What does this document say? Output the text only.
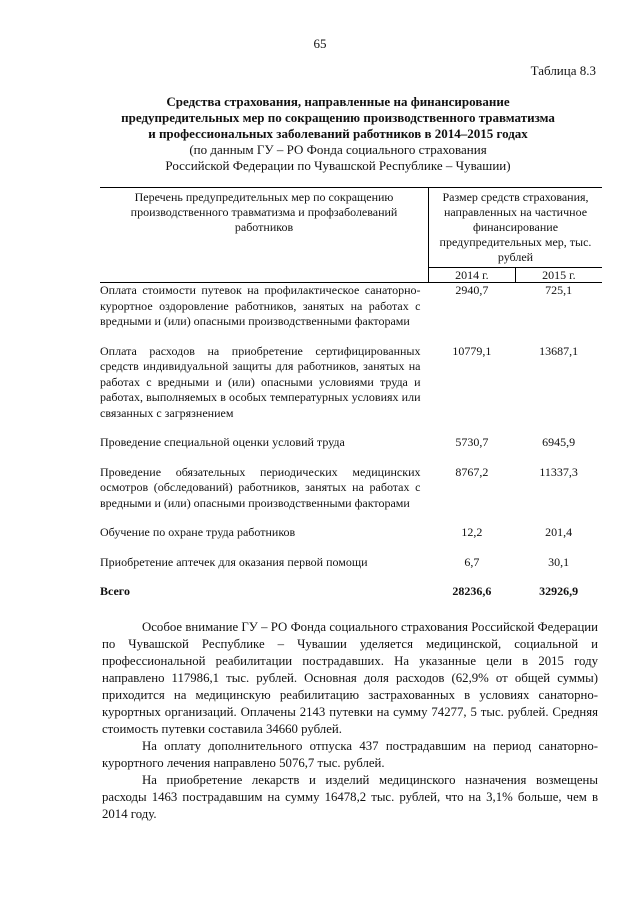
65
Таблица 8.3
Средства страхования, направленные на финансирование
предупредительных мер по сокращению производственного травматизма
и профессиональных заболеваний работников в 2014–2015 годах
(по данным ГУ – РО Фонда социального страхования
Российской Федерации по Чувашской Республике – Чувашии)
Перечень предупредительных мер по сокращению производственного травматизма и профзаболеваний работников	Размер средств страхования, направленных на частичное финансирование предупредительных мер, тыс. рублей	
	2014 г.	2015 г.
Оплата стоимости путевок на профилактическое санаторно-курортное оздоровление работников, занятых на работах с вредными и (или) опасными производственными факторами	2940,7	725,1

Оплата расходов на приобретение сертифицированных средств индивидуальной защиты для работников, занятых на работах с вредными и (или) опасными условиями труда и работах, выполняемых в особых температурных условиях или связанных с загрязнением	10779,1	13687,1

Проведение специальной оценки условий труда	5730,7	6945,9

Проведение обязательных периодических медицинских осмотров (обследований) работников, занятых на работах с вредными и (или) опасными производственными факторами	8767,2	11337,3

Обучение по охране труда работников	12,2	201,4

Приобретение аптечек для оказания первой помощи	6,7	30,1

Всего	28236,6	32926,9

Особое внимание ГУ – РО Фонда социального страхования Российской Федерации по Чувашской Республике – Чувашии уделяется медицинской, социальной и профессиональной реабилитации пострадавших. На указанные цели в 2015 году направлено 117986,1 тыс. рублей. Основная доля расходов (62,9% от общей суммы) приходится на медицинскую реабилитацию застрахованных в условиях санаторно-курортных организаций. Оплачены 2143 путевки на сумму 74277, 5 тыс. рублей. Средняя стоимость путевки составила 34660 рублей.

На оплату дополнительного отпуска 437 пострадавшим на период санаторно-курортного лечения направлено 5076,7 тыс. рублей.

На приобретение лекарств и изделий медицинского назначения возмещены расходы 1463 пострадавшим на сумму 16478,2 тыс. рублей, что на 3,1% больше, чем в 2014 году.
